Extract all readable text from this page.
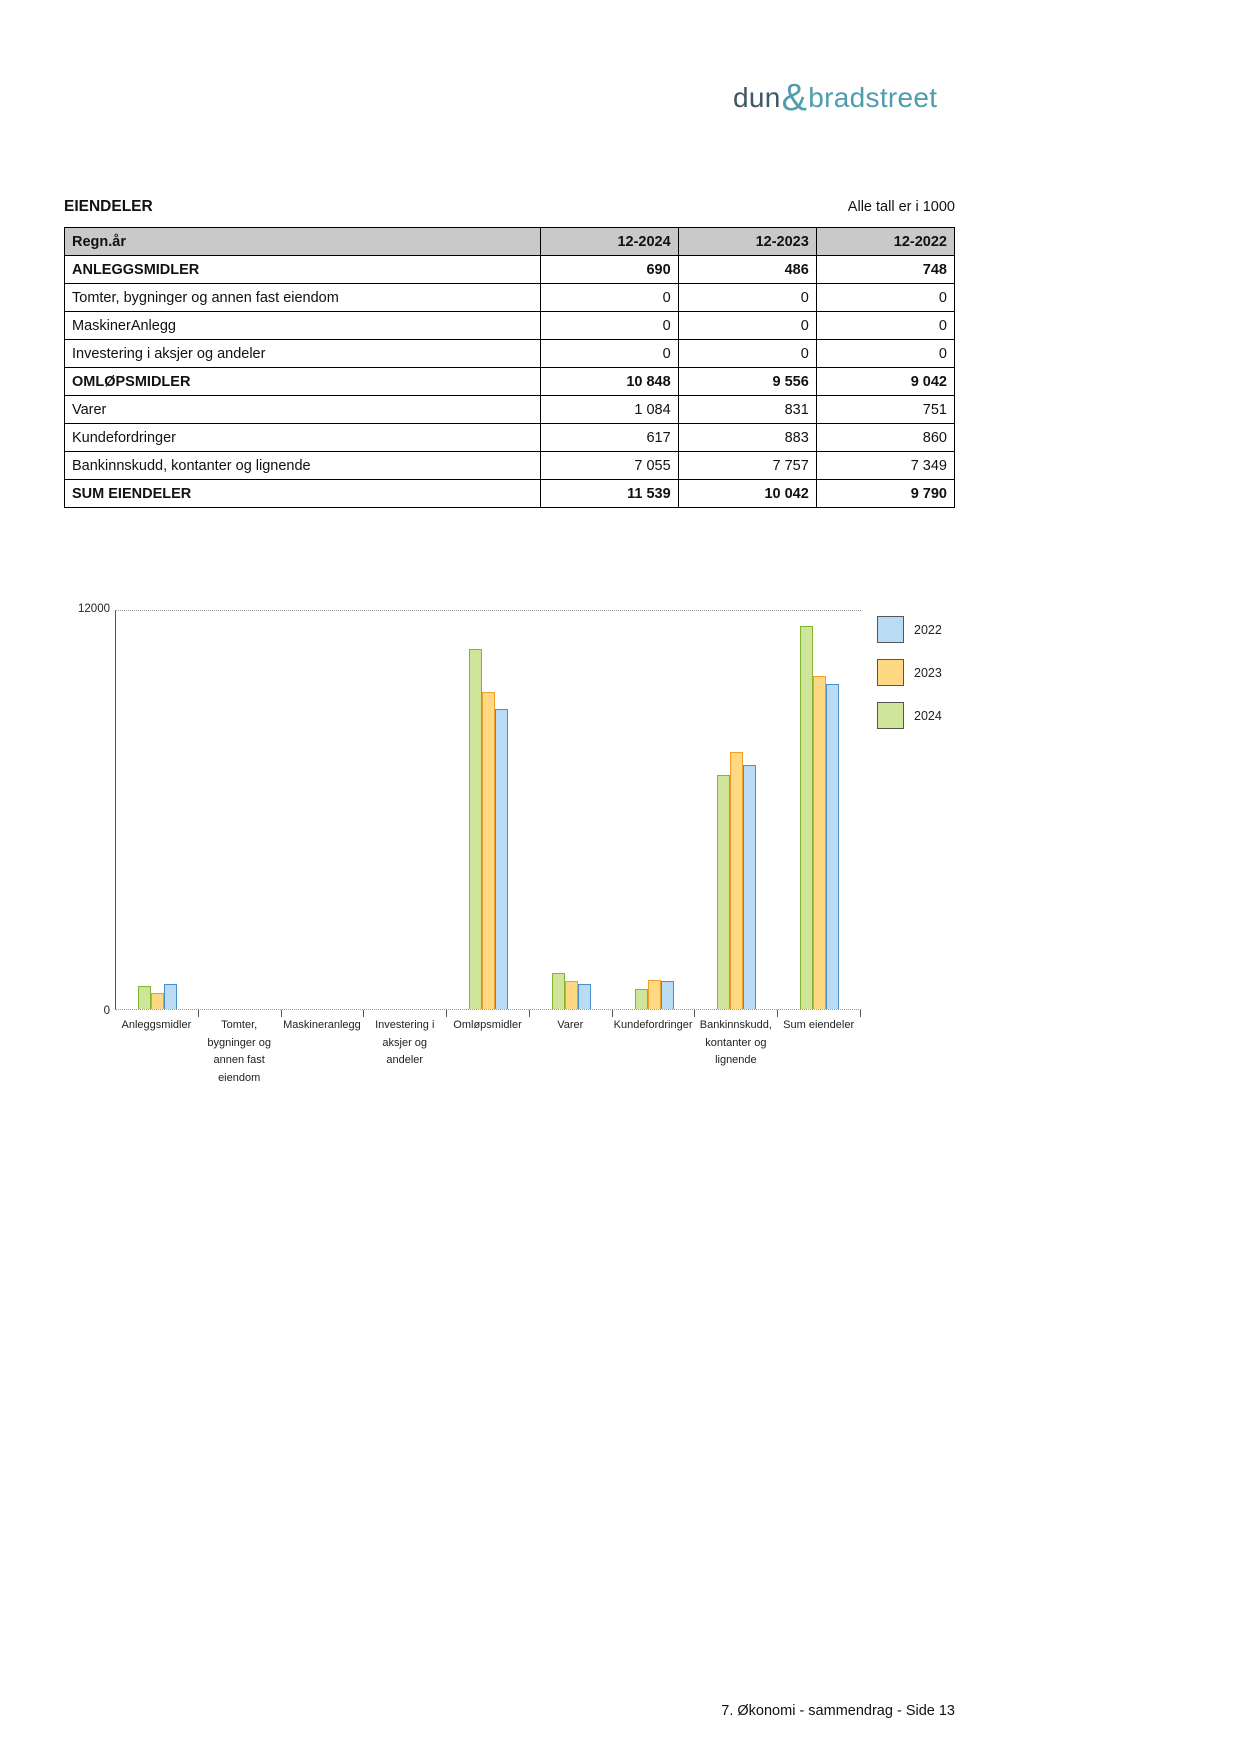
dun&bradstreet
EIENDELER	Alle tall er i 1000
Regn.år	12-2024	12-2023	12-2022
ANLEGGSMIDLER	690	486	748
Tomter, bygninger og annen fast eiendom	0	0	0
MaskinerAnlegg	0	0	0
Investering i aksjer og andeler	0	0	0
OMLØPSMIDLER	10 848	9 556	9 042
Varer	1 084	831	751
Kundefordringer	617	883	860
Bankinnskudd, kontanter og lignende	7 055	7 757	7 349
SUM EIENDELER	11 539	10 042	9 790
12000
0
Anleggsmidler	Tomter, bygninger og annen fast eiendom
Maskineranlegg	Investering i aksjer og andeler
Omløpsmidler	Varer	Kundefordringer Bankinnskudd, kontanter og lignende
Sum eiendeler
2022
2023
2024
7. Økonomi - sammendrag - Side 13
